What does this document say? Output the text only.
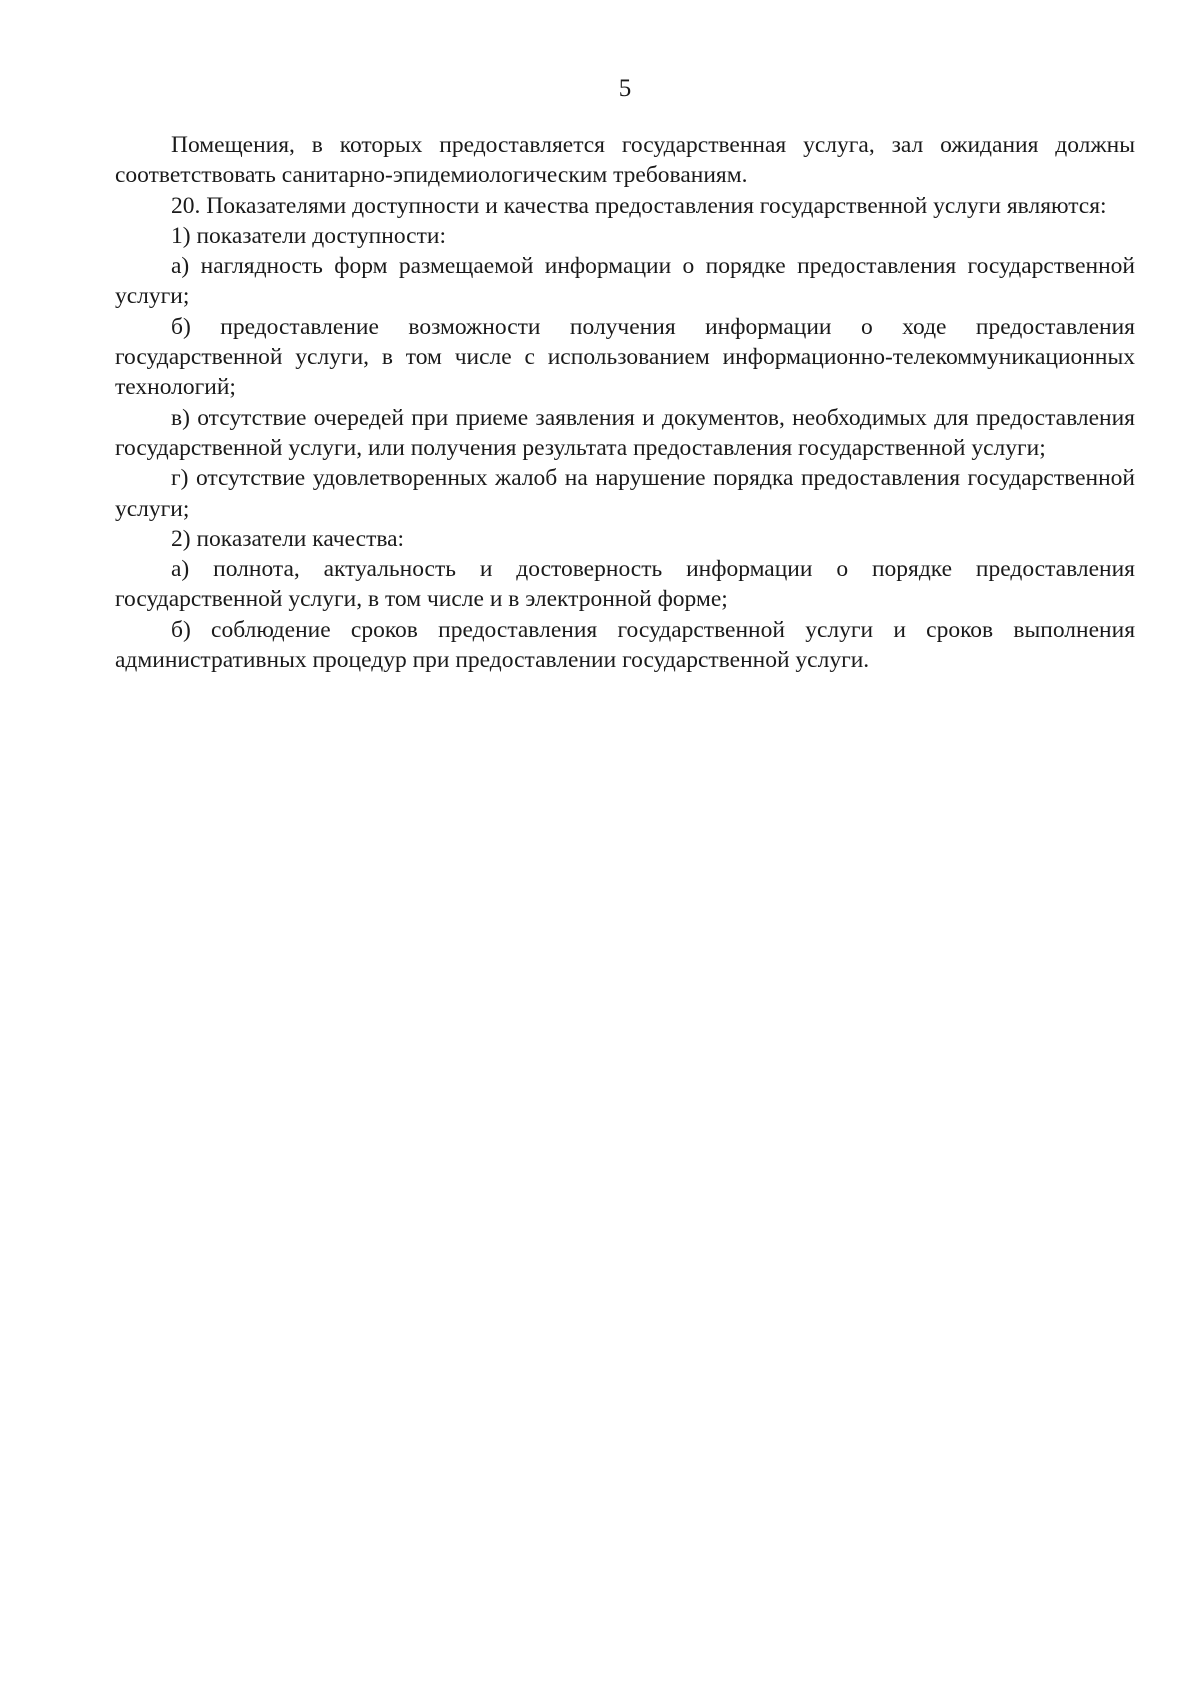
5

Помещения, в которых предоставляется государственная услуга, зал ожидания должны соответствовать санитарно-эпидемиологическим требованиям.

20. Показателями доступности и качества предоставления государственной услуги являются:

1) показатели доступности:

а) наглядность форм размещаемой информации о порядке предоставления государственной услуги;

б) предоставление возможности получения информации о ходе предоставления государственной услуги, в том числе с использованием информационно-телекоммуникационных технологий;

в) отсутствие очередей при приеме заявления и документов, необходимых для предоставления государственной услуги, или получения результата предоставления государственной услуги;

г) отсутствие удовлетворенных жалоб на нарушение порядка предоставления государственной услуги;

2) показатели качества:

а) полнота, актуальность и достоверность информации о порядке предоставления государственной услуги, в том числе и в электронной форме;

б) соблюдение сроков предоставления государственной услуги и сроков выполнения административных процедур при предоставлении государственной услуги.
